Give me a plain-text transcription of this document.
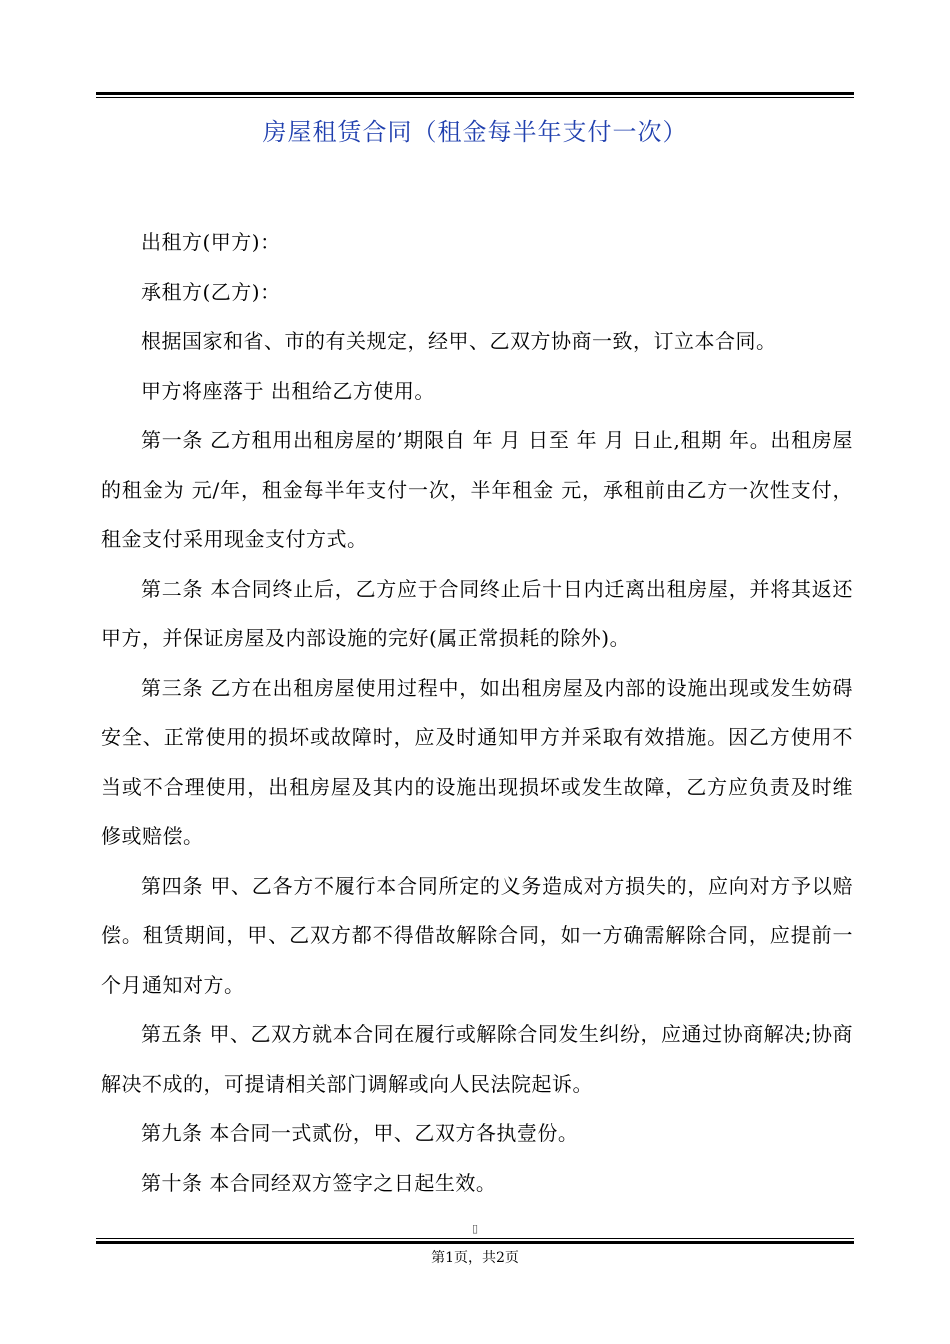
房屋租赁合同（租金每半年支付一次）

出租方(甲方)：

承租方(乙方)：

根据国家和省、市的有关规定，经甲、乙双方协商一致，订立本合同。

甲方将座落于 出租给乙方使用。

第一条 乙方租用出租房屋的’期限自 年 月 日至 年 月 日止,租期 年。出租房屋的租金为 元/年，租金每半年支付一次，半年租金 元，承租前由乙方一次性支付，租金支付采用现金支付方式。

第二条 本合同终止后，乙方应于合同终止后十日内迁离出租房屋，并将其返还甲方，并保证房屋及内部设施的完好(属正常损耗的除外)。

第三条 乙方在出租房屋使用过程中，如出租房屋及内部的设施出现或发生妨碍安全、正常使用的损坏或故障时，应及时通知甲方并采取有效措施。因乙方使用不当或不合理使用，出租房屋及其内的设施出现损坏或发生故障，乙方应负责及时维修或赔偿。

第四条 甲、乙各方不履行本合同所定的义务造成对方损失的，应向对方予以赔偿。租赁期间，甲、乙双方都不得借故解除合同，如一方确需解除合同，应提前一个月通知对方。

第五条 甲、乙双方就本合同在履行或解除合同发生纠纷，应通过协商解决;协商解决不成的，可提请相关部门调解或向人民法院起诉。

第九条 本合同一式贰份，甲、乙双方各执壹份。

第十条 本合同经双方签字之日起生效。

▯
第1页，共2页
